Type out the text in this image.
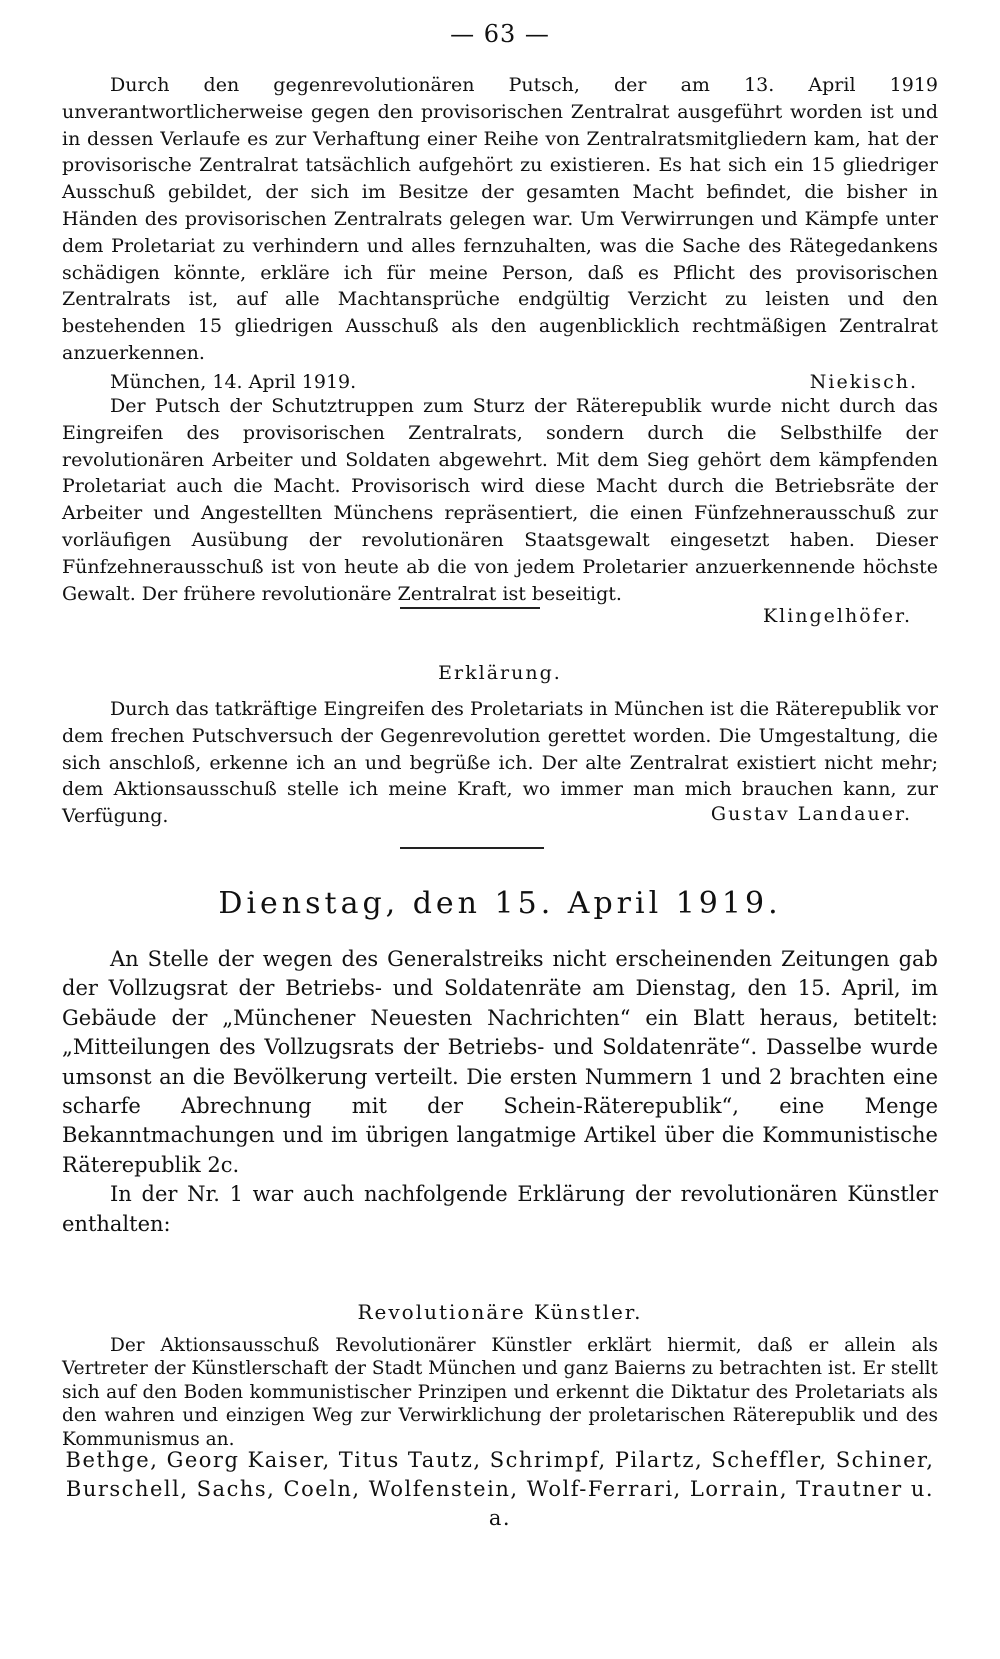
— 63 —

Durch den gegenrevolutionären Putsch, der am 13. April 1919 unverantwortlicherweise gegen den provisorischen Zentralrat ausgeführt worden ist und in dessen Verlaufe es zur Verhaftung einer Reihe von Zentralratsmitgliedern kam, hat der provisorische Zentralrat tatsächlich aufgehört zu existieren. Es hat sich ein 15 gliedriger Ausschuß gebildet, der sich im Besitze der gesamten Macht befindet, die bisher in Händen des provisorischen Zentralrats gelegen war. Um Verwirrungen und Kämpfe unter dem Proletariat zu verhindern und alles fernzuhalten, was die Sache des Rätegedankens schädigen könnte, erkläre ich für meine Person, daß es Pflicht des provisorischen Zentralrats ist, auf alle Machtansprüche endgültig Verzicht zu leisten und den bestehenden 15 gliedrigen Ausschuß als den augenblicklich rechtmäßigen Zentralrat anzuerkennen.

München, 14. April 1919.	Niekisch.

Der Putsch der Schutztruppen zum Sturz der Räterepublik wurde nicht durch das Eingreifen des provisorischen Zentralrats, sondern durch die Selbsthilfe der revolutionären Arbeiter und Soldaten abgewehrt. Mit dem Sieg gehört dem kämpfenden Proletariat auch die Macht. Provisorisch wird diese Macht durch die Betriebsräte der Arbeiter und Angestellten Münchens repräsentiert, die einen Fünfzehnerausschuß zur vorläufigen Ausübung der revolutionären Staatsgewalt eingesetzt haben. Dieser Fünfzehnerausschuß ist von heute ab die von jedem Proletarier anzuerkennende höchste Gewalt. Der frühere revolutionäre Zentralrat ist beseitigt.

Klingelhöfer.
Erklärung.

Durch das tatkräftige Eingreifen des Proletariats in München ist die Räterepublik vor dem frechen Putschversuch der Gegenrevolution gerettet worden. Die Umgestaltung, die sich anschloß, erkenne ich an und begrüße ich. Der alte Zentralrat existiert nicht mehr; dem Aktionsausschuß stelle ich meine Kraft, wo immer man mich brauchen kann, zur Verfügung.	Gustav Landauer.
Dienstag, den 15. April 1919.

An Stelle der wegen des Generalstreiks nicht erscheinenden Zeitungen gab der Vollzugsrat der Betriebs- und Soldatenräte am Dienstag, den 15. April, im Gebäude der „Münchener Neuesten Nachrichten“ ein Blatt heraus, betitelt: „Mitteilungen des Vollzugsrats der Betriebs- und Soldatenräte“. Dasselbe wurde umsonst an die Bevölkerung verteilt. Die ersten Nummern 1 und 2 brachten eine scharfe Abrechnung mit der Schein-Räterepublik“, eine Menge Bekanntmachungen und im übrigen langatmige Artikel über die Kommunistische Räterepublik 2c.

In der Nr. 1 war auch nachfolgende Erklärung der revolutionären Künstler enthalten:

Revolutionäre Künstler.

Der Aktionsausschuß Revolutionärer Künstler erklärt hiermit, daß er allein als Vertreter der Künstlerschaft der Stadt München und ganz Baierns zu betrachten ist. Er stellt sich auf den Boden kommunistischer Prinzipen und erkennt die Diktatur des Proletariats als den wahren und einzigen Weg zur Verwirklichung der proletarischen Räterepublik und des Kommunismus an.

Bethge, Georg Kaiser, Titus Tautz, Schrimpf, Pilartz, Scheffler, Schiner, Burschell, Sachs, Coeln, Wolfenstein, Wolf-Ferrari, Lorrain, Trautner u. a.
